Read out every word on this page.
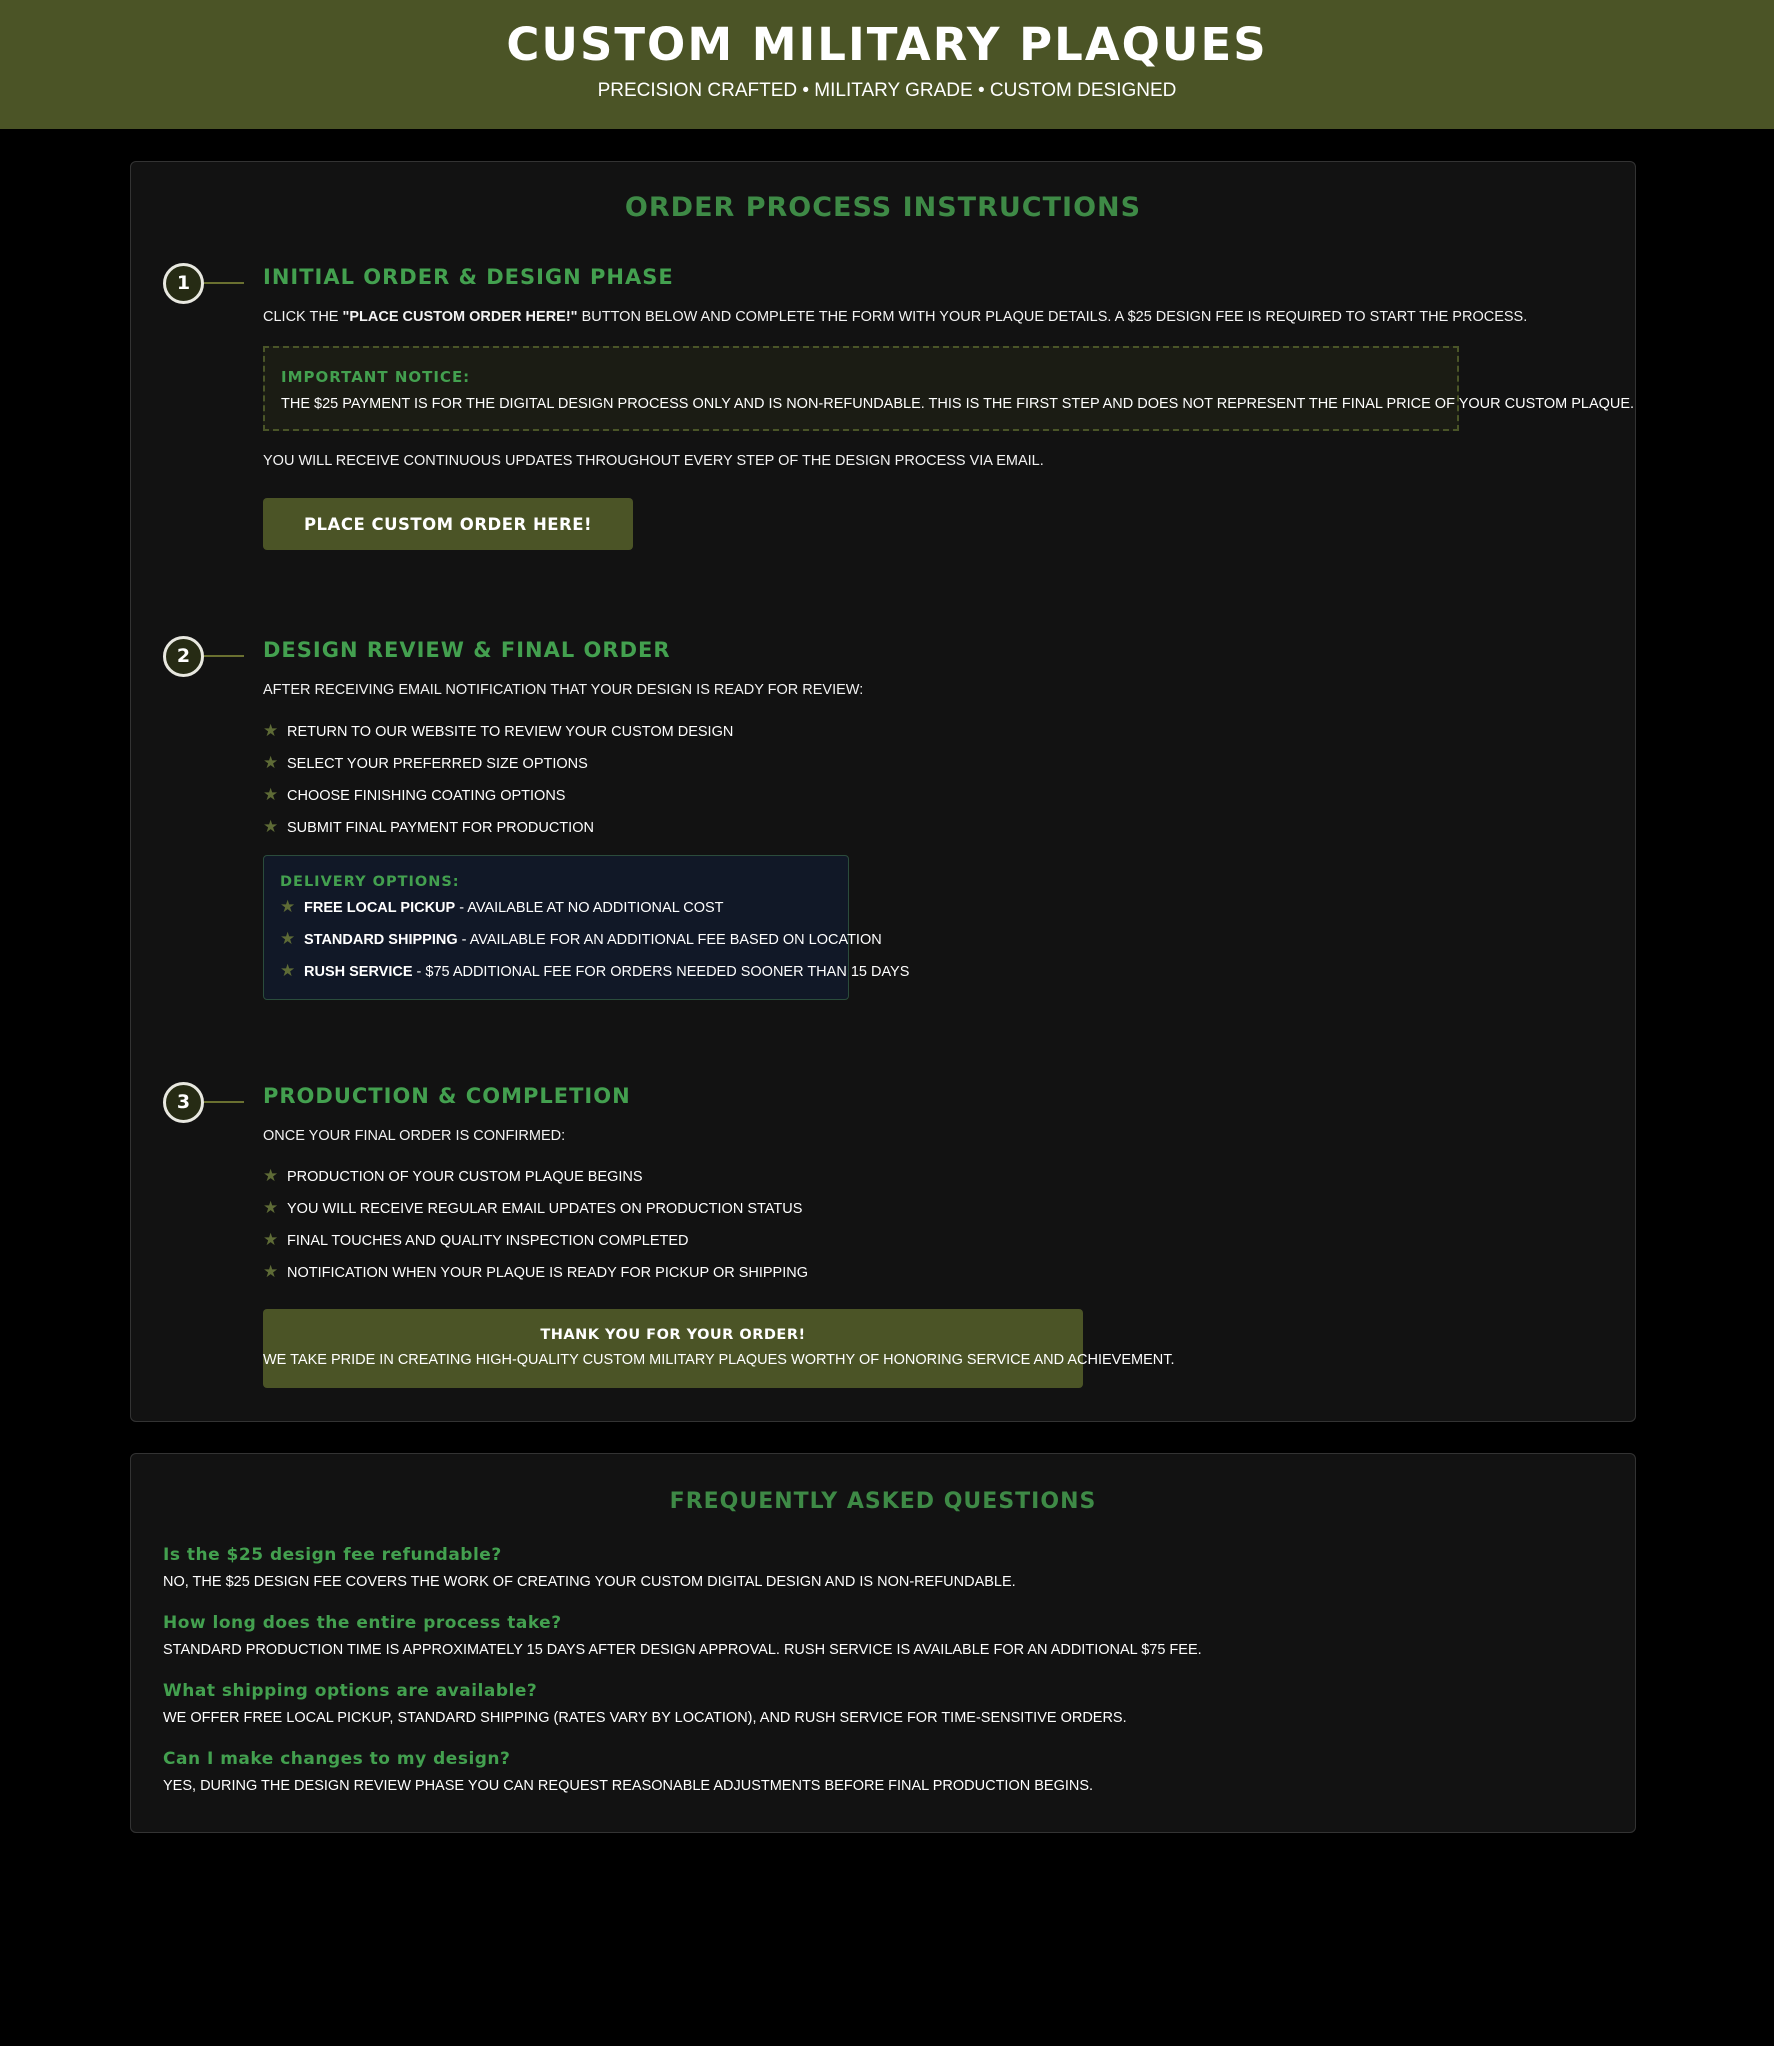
CUSTOM MILITARY PLAQUES
PRECISION CRAFTED • MILITARY GRADE • CUSTOM DESIGNED
ORDER PROCESS INSTRUCTIONS
1	INITIAL ORDER & DESIGN PHASE
CLICK THE "PLACE CUSTOM ORDER HERE!" BUTTON BELOW AND COMPLETE THE FORM WITH YOUR PLAQUE DETAILS. A $25 DESIGN FEE IS REQUIRED TO START THE PROCESS.
IMPORTANT NOTICE:
THE $25 PAYMENT IS FOR THE DIGITAL DESIGN PROCESS ONLY AND IS NON-REFUNDABLE. THIS IS THE FIRST STEP AND DOES NOT REPRESENT THE FINAL PRICE OF YOUR CUSTOM PLAQUE.
YOU WILL RECEIVE CONTINUOUS UPDATES THROUGHOUT EVERY STEP OF THE DESIGN PROCESS VIA EMAIL.
PLACE CUSTOM ORDER HERE!
2	DESIGN REVIEW & FINAL ORDER
AFTER RECEIVING EMAIL NOTIFICATION THAT YOUR DESIGN IS READY FOR REVIEW:
★ RETURN TO OUR WEBSITE TO REVIEW YOUR CUSTOM DESIGN
★ SELECT YOUR PREFERRED SIZE OPTIONS
★ CHOOSE FINISHING COATING OPTIONS
★ SUBMIT FINAL PAYMENT FOR PRODUCTION
DELIVERY OPTIONS:
★ FREE LOCAL PICKUP - AVAILABLE AT NO ADDITIONAL COST
★ STANDARD SHIPPING - AVAILABLE FOR AN ADDITIONAL FEE BASED ON LOCATION
★ RUSH SERVICE - $75 ADDITIONAL FEE FOR ORDERS NEEDED SOONER THAN 15 DAYS
3	PRODUCTION & COMPLETION
ONCE YOUR FINAL ORDER IS CONFIRMED:
★ PRODUCTION OF YOUR CUSTOM PLAQUE BEGINS
★ YOU WILL RECEIVE REGULAR EMAIL UPDATES ON PRODUCTION STATUS
★ FINAL TOUCHES AND QUALITY INSPECTION COMPLETED
★ NOTIFICATION WHEN YOUR PLAQUE IS READY FOR PICKUP OR SHIPPING
THANK YOU FOR YOUR ORDER!
WE TAKE PRIDE IN CREATING HIGH-QUALITY CUSTOM MILITARY PLAQUES WORTHY OF HONORING SERVICE AND ACHIEVEMENT.
FREQUENTLY ASKED QUESTIONS
Is the $25 design fee refundable?
NO, THE $25 DESIGN FEE COVERS THE WORK OF CREATING YOUR CUSTOM DIGITAL DESIGN AND IS NON-REFUNDABLE.
How long does the entire process take?
STANDARD PRODUCTION TIME IS APPROXIMATELY 15 DAYS AFTER DESIGN APPROVAL. RUSH SERVICE IS AVAILABLE FOR AN ADDITIONAL $75 FEE.
What shipping options are available?
WE OFFER FREE LOCAL PICKUP, STANDARD SHIPPING (RATES VARY BY LOCATION), AND RUSH SERVICE FOR TIME-SENSITIVE ORDERS.
Can I make changes to my design?
YES, DURING THE DESIGN REVIEW PHASE YOU CAN REQUEST REASONABLE ADJUSTMENTS BEFORE FINAL PRODUCTION BEGINS.
